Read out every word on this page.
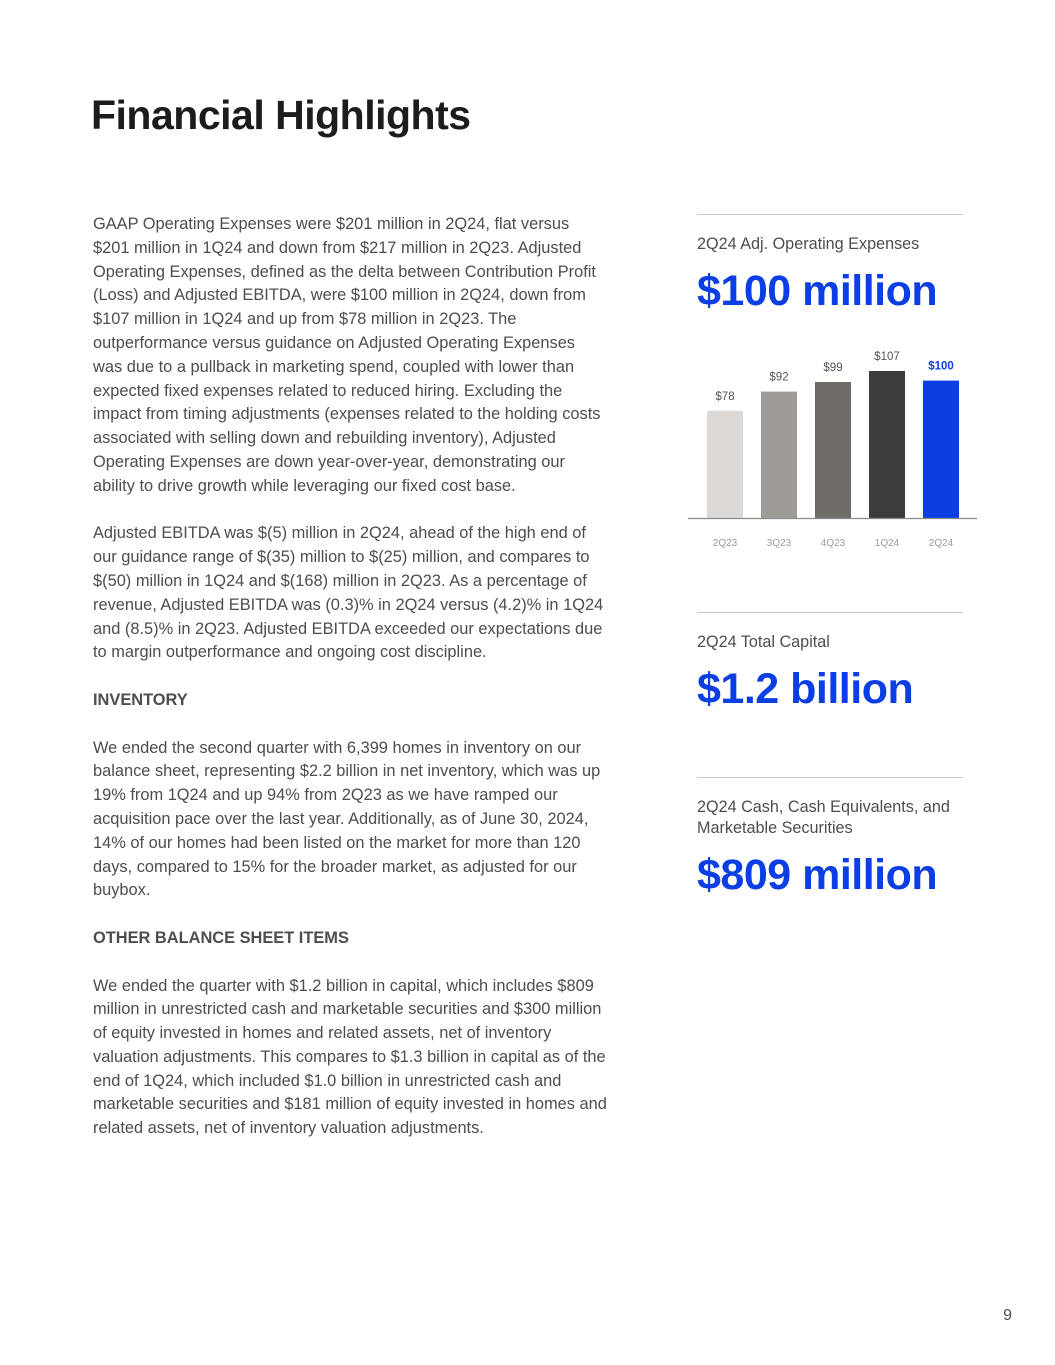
Financial Highlights

GAAP Operating Expenses were $201 million in 2Q24, flat versus $201 million in 1Q24 and down from $217 million in 2Q23. Adjusted Operating Expenses, defined as the delta between Contribution Profit (Loss) and Adjusted EBITDA, were $100 million in 2Q24, down from $107 million in 1Q24 and up from $78 million in 2Q23. The outperformance versus guidance on Adjusted Operating Expenses was due to a pullback in marketing spend, coupled with lower than expected fixed expenses related to reduced hiring. Excluding the impact from timing adjustments (expenses related to the holding costs associated with selling down and rebuilding inventory), Adjusted Operating Expenses are down year-over-year, demonstrating our ability to drive growth while leveraging our fixed cost base.

Adjusted EBITDA was $(5) million in 2Q24, ahead of the high end of our guidance range of $(35) million to $(25) million, and compares to $(50) million in 1Q24 and $(168) million in 2Q23. As a percentage of revenue, Adjusted EBITDA was (0.3)% in 2Q24 versus (4.2)% in 1Q24 and (8.5)% in 2Q23. Adjusted EBITDA exceeded our expectations due to margin outperformance and ongoing cost discipline.

INVENTORY

We ended the second quarter with 6,399 homes in inventory on our balance sheet, representing $2.2 billion in net inventory, which was up 19% from 1Q24 and up 94% from 2Q23 as we have ramped our acquisition pace over the last year. Additionally, as of June 30, 2024, 14% of our homes had been listed on the market for more than 120 days, compared to 15% for the broader market, as adjusted for our buybox.

OTHER BALANCE SHEET ITEMS

We ended the quarter with $1.2 billion in capital, which includes $809 million in unrestricted cash and marketable securities and $300 million of equity invested in homes and related assets, net of inventory valuation adjustments. This compares to $1.3 billion in capital as of the end of 1Q24, which included $1.0 billion in unrestricted cash and marketable securities and $181 million of equity invested in homes and related assets, net of inventory valuation adjustments.

2Q24 Adj. Operating Expenses
$100 million
$78
2Q23
$92
3Q23
$99
4Q23
$107
1Q24
$100
2Q24
2Q24 Total Capital
$1.2 billion
2Q24 Cash, Cash Equivalents, and Marketable Securities
$809 million
9
